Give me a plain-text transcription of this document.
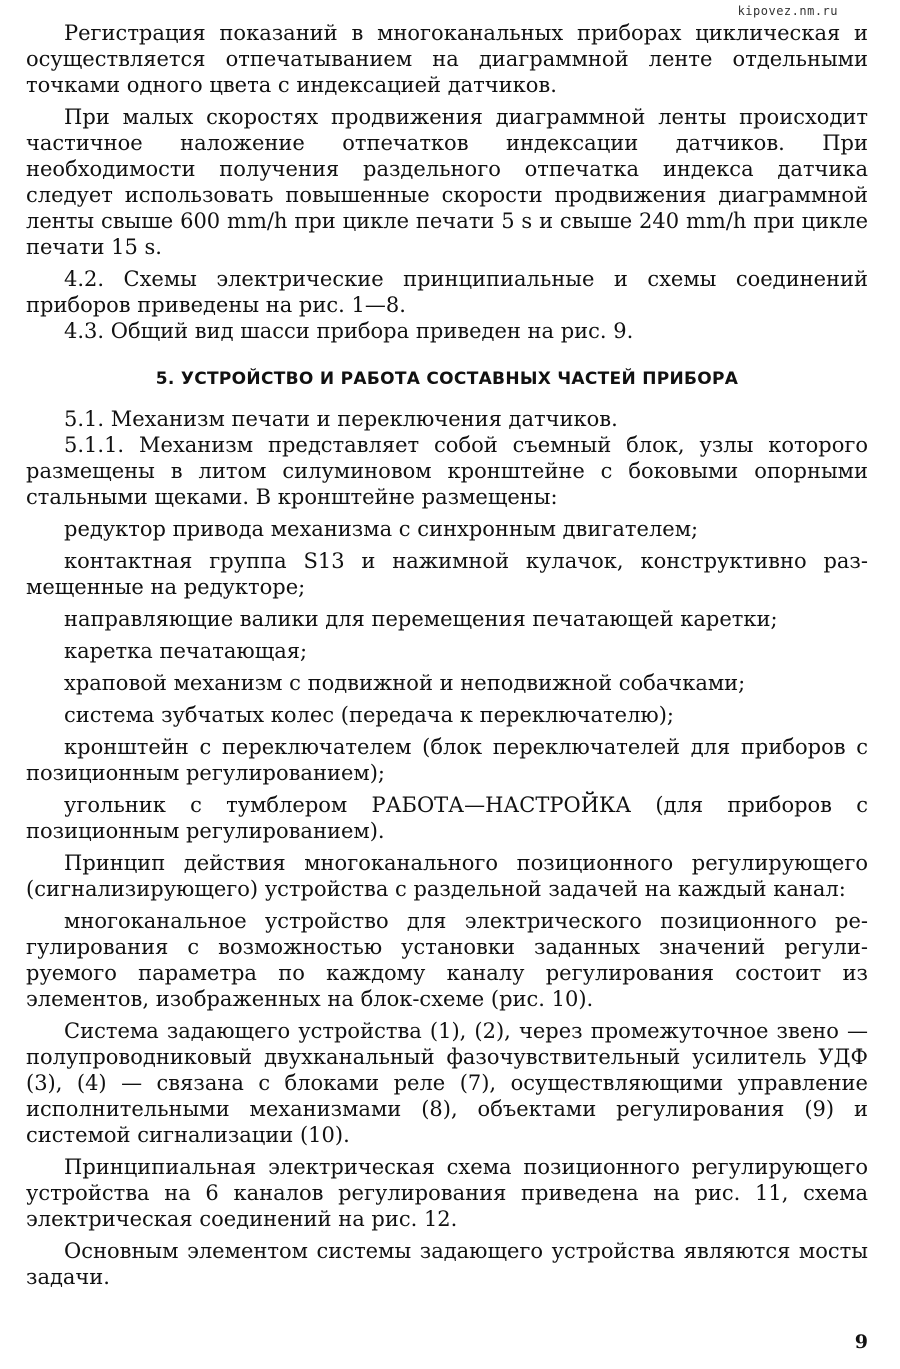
kipovez.nm.ru

Регистрация показаний в многоканальных приборах циклическая и осуществляется отпечатыванием на диаграммной ленте отдельными точками одного цвета с индексацией датчиков.

При малых скоростях продвижения диаграммной ленты происходит частичное наложение отпечатков индексации датчиков. При необходимости получения раздельного отпечатка индекса датчика следует использовать повышенные скорости продвижения диаграммной ленты свыше 600 mm/h при цикле печати 5 s и свыше 240 mm/h при цикле печати 15 s.

4.2. Схемы электрические принципиальные и схемы соединений приборов приведены на рис. 1—8.

4.3. Общий вид шасси прибора приведен на рис. 9.

5. УСТРОЙСТВО И РАБОТА СОСТАВНЫХ ЧАСТЕЙ ПРИБОРА

5.1. Механизм печати и переключения датчиков.

5.1.1. Механизм представляет собой съемный блок, узлы которого размещены в литом силуминовом кронштейне с боковыми опорными стальными щеками. В кронштейне размещены:

редуктор привода механизма с синхронным двигателем;

контактная группа S13 и нажимной кулачок, конструктивно размещенные на редукторе;

направляющие валики для перемещения печатающей каретки;

каретка печатающая;

храповой механизм с подвижной и неподвижной собачками;

система зубчатых колес (передача к переключателю);

кронштейн с переключателем (блок переключателей для приборов с позиционным регулированием);

угольник с тумблером РАБОТА—НАСТРОЙКА (для приборов с позиционным регулированием).

Принцип действия многоканального позиционного регулирующего (сигнализирующего) устройства с раздельной задачей на каждый канал:

многоканальное устройство для электрического позиционного регулирования с возможностью установки заданных значений регулируемого параметра по каждому каналу регулирования состоит из элементов, изображенных на блок-схеме (рис. 10).

Система задающего устройства (1), (2), через промежуточное звено — полупроводниковый двухканальный фазочувствительный усилитель УДФ (3), (4) — связана с блоками реле (7), осуществляющими управление исполнительными механизмами (8), объектами регулирования (9) и системой сигнализации (10).

Принципиальная электрическая схема позиционного регулирующего устройства на 6 каналов регулирования приведена на рис. 11, схема электрическая соединений на рис. 12.

Основным элементом системы задающего устройства являются мосты задачи.

9
